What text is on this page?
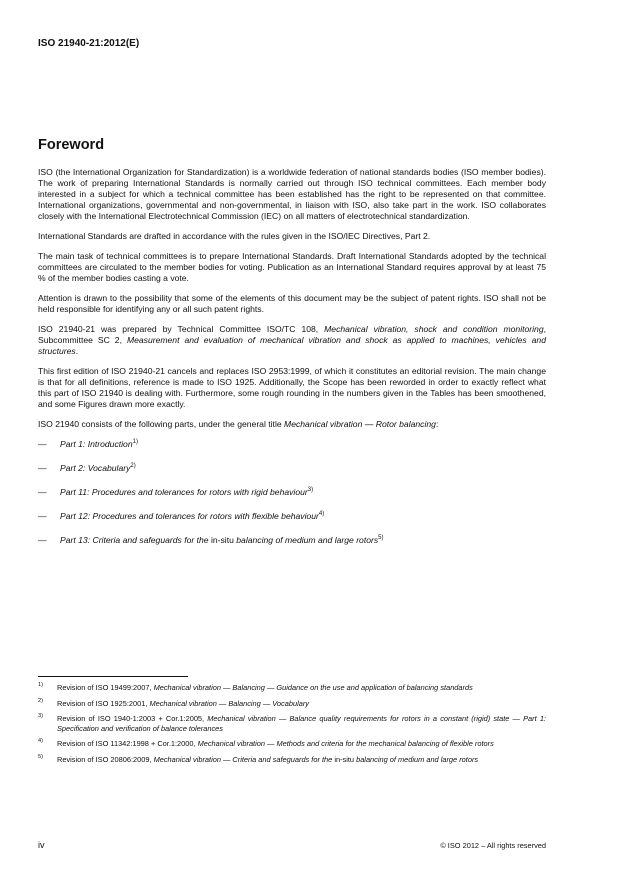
ISO 21940-21:2012(E)
Foreword

ISO (the International Organization for Standardization) is a worldwide federation of national standards bodies (ISO member bodies). The work of preparing International Standards is normally carried out through ISO technical committees. Each member body interested in a subject for which a technical committee has been established has the right to be represented on that committee. International organizations, governmental and non-governmental, in liaison with ISO, also take part in the work. ISO collaborates closely with the International Electrotechnical Commission (IEC) on all matters of electrotechnical standardization.

International Standards are drafted in accordance with the rules given in the ISO/IEC Directives, Part 2.

The main task of technical committees is to prepare International Standards. Draft International Standards adopted by the technical committees are circulated to the member bodies for voting. Publication as an International Standard requires approval by at least 75 % of the member bodies casting a vote.

Attention is drawn to the possibility that some of the elements of this document may be the subject of patent rights. ISO shall not be held responsible for identifying any or all such patent rights.

ISO 21940-21 was prepared by Technical Committee ISO/TC 108, Mechanical vibration, shock and condition monitoring, Subcommittee SC 2, Measurement and evaluation of mechanical vibration and shock as applied to machines, vehicles and structures.

This first edition of ISO 21940-21 cancels and replaces ISO 2953:1999, of which it constitutes an editorial revision. The main change is that for all definitions, reference is made to ISO 1925. Additionally, the Scope has been reworded in order to exactly reflect what this part of ISO 21940 is dealing with. Furthermore, some rough rounding in the numbers given in the Tables has been smoothened, and some Figures drawn more exactly.

ISO 21940 consists of the following parts, under the general title Mechanical vibration — Rotor balancing:

— Part 1: Introduction$^{1)}$
— Part 2: Vocabulary$^{2)}$
— Part 11: Procedures and tolerances for rotors with rigid behaviour$^{3)}$
— Part 12: Procedures and tolerances for rotors with flexible behaviour$^{4)}$
— Part 13: Criteria and safeguards for the in-situ balancing of medium and large rotors$^{5)}$
1) Revision of ISO 19499:2007, Mechanical vibration — Balancing — Guidance on the use and application of balancing standards
2) Revision of ISO 1925:2001, Mechanical vibration — Balancing — Vocabulary
3) Revision of ISO 1940-1:2003 + Cor.1:2005, Mechanical vibration — Balance quality requirements for rotors in a constant (rigid) state — Part 1: Specification and verification of balance tolerances
4) Revision of ISO 11342:1998 + Cor.1:2000, Mechanical vibration — Methods and criteria for the mechanical balancing of flexible rotors
5) Revision of ISO 20806:2009, Mechanical vibration — Criteria and safeguards for the in-situ balancing of medium and large rotors
iv	© ISO 2012 – All rights reserved
